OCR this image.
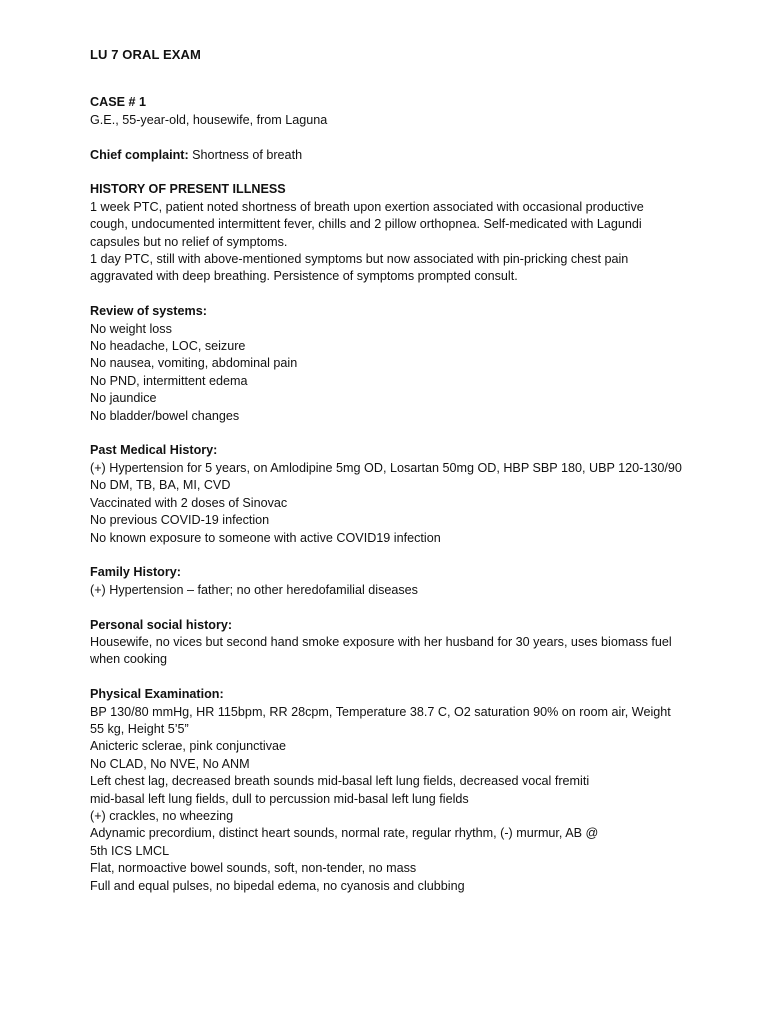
LU 7 ORAL EXAM
CASE # 1
G.E., 55-year-old, housewife, from Laguna
Chief complaint: Shortness of breath
HISTORY OF PRESENT ILLNESS
1 week PTC, patient noted shortness of breath upon exertion associated with occasional productive
cough, undocumented intermittent fever, chills and 2 pillow orthopnea. Self-medicated with Lagundi
capsules but no relief of symptoms.
1 day PTC, still with above-mentioned symptoms but now associated with pin-pricking chest pain
aggravated with deep breathing. Persistence of symptoms prompted consult.
Review of systems:
No weight loss
No headache, LOC, seizure
No nausea, vomiting, abdominal pain
No PND, intermittent edema
No jaundice
No bladder/bowel changes
Past Medical History:
(+) Hypertension for 5 years, on Amlodipine 5mg OD, Losartan 50mg OD, HBP SBP 180, UBP 120-130/90
No DM, TB, BA, MI, CVD
Vaccinated with 2 doses of Sinovac
No previous COVID-19 infection
No known exposure to someone with active COVID19 infection
Family History:
(+) Hypertension – father; no other heredofamilial diseases
Personal social history:
Housewife, no vices but second hand smoke exposure with her husband for 30 years, uses biomass fuel
when cooking
Physical Examination:
BP 130/80 mmHg, HR 115bpm, RR 28cpm, Temperature 38.7 C, O2 saturation 90% on room air, Weight
55 kg, Height 5’5”
Anicteric sclerae, pink conjunctivae
No CLAD, No NVE, No ANM
Left chest lag, decreased breath sounds mid-basal left lung fields, decreased vocal fremiti
mid-basal left lung fields, dull to percussion mid-basal left lung fields
(+) crackles, no wheezing
Adynamic precordium, distinct heart sounds, normal rate, regular rhythm, (-) murmur, AB @
5th ICS LMCL
Flat, normoactive bowel sounds, soft, non-tender, no mass
Full and equal pulses, no bipedal edema, no cyanosis and clubbing
